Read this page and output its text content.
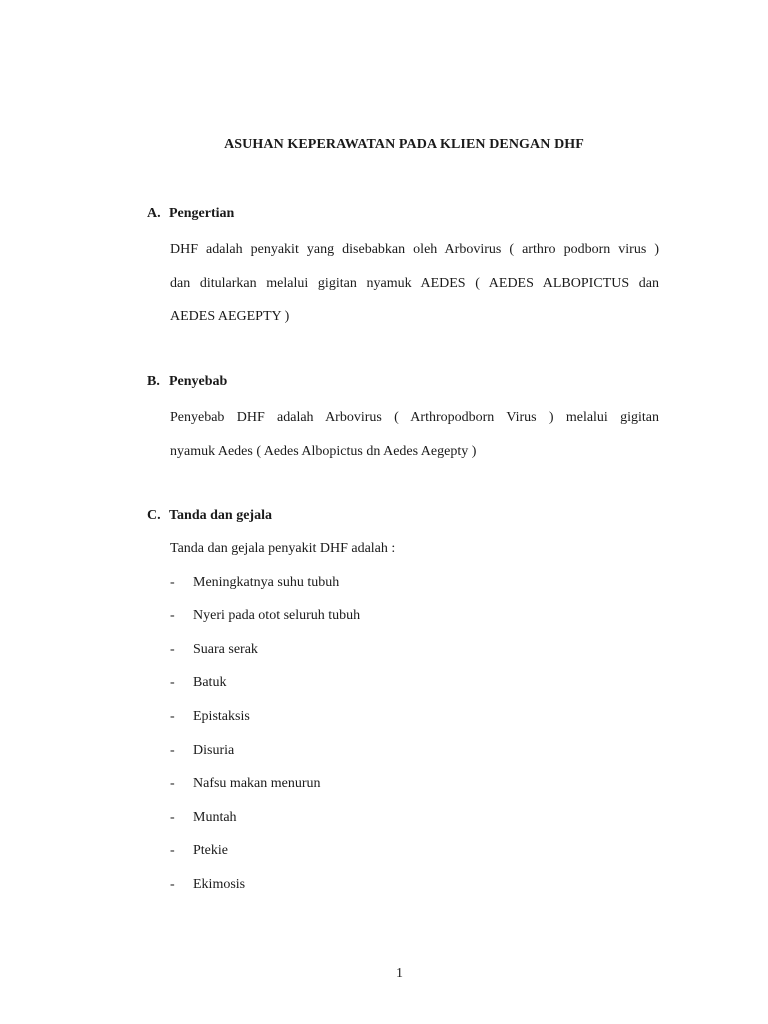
ASUHAN KEPERAWATAN PADA KLIEN DENGAN DHF
A. Pengertian
DHF adalah penyakit yang disebabkan oleh Arbovirus ( arthro podborn virus )
dan ditularkan melalui gigitan nyamuk AEDES ( AEDES ALBOPICTUS dan
AEDES AEGEPTY )
B. Penyebab
Penyebab DHF adalah Arbovirus ( Arthropodborn Virus ) melalui gigitan
nyamuk Aedes ( Aedes Albopictus dn Aedes Aegepty )
C. Tanda dan gejala
Tanda dan gejala penyakit DHF adalah :
- Meningkatnya suhu tubuh
- Nyeri pada otot seluruh tubuh
- Suara serak
- Batuk
- Epistaksis
- Disuria
- Nafsu makan menurun
- Muntah
- Ptekie
- Ekimosis
1
